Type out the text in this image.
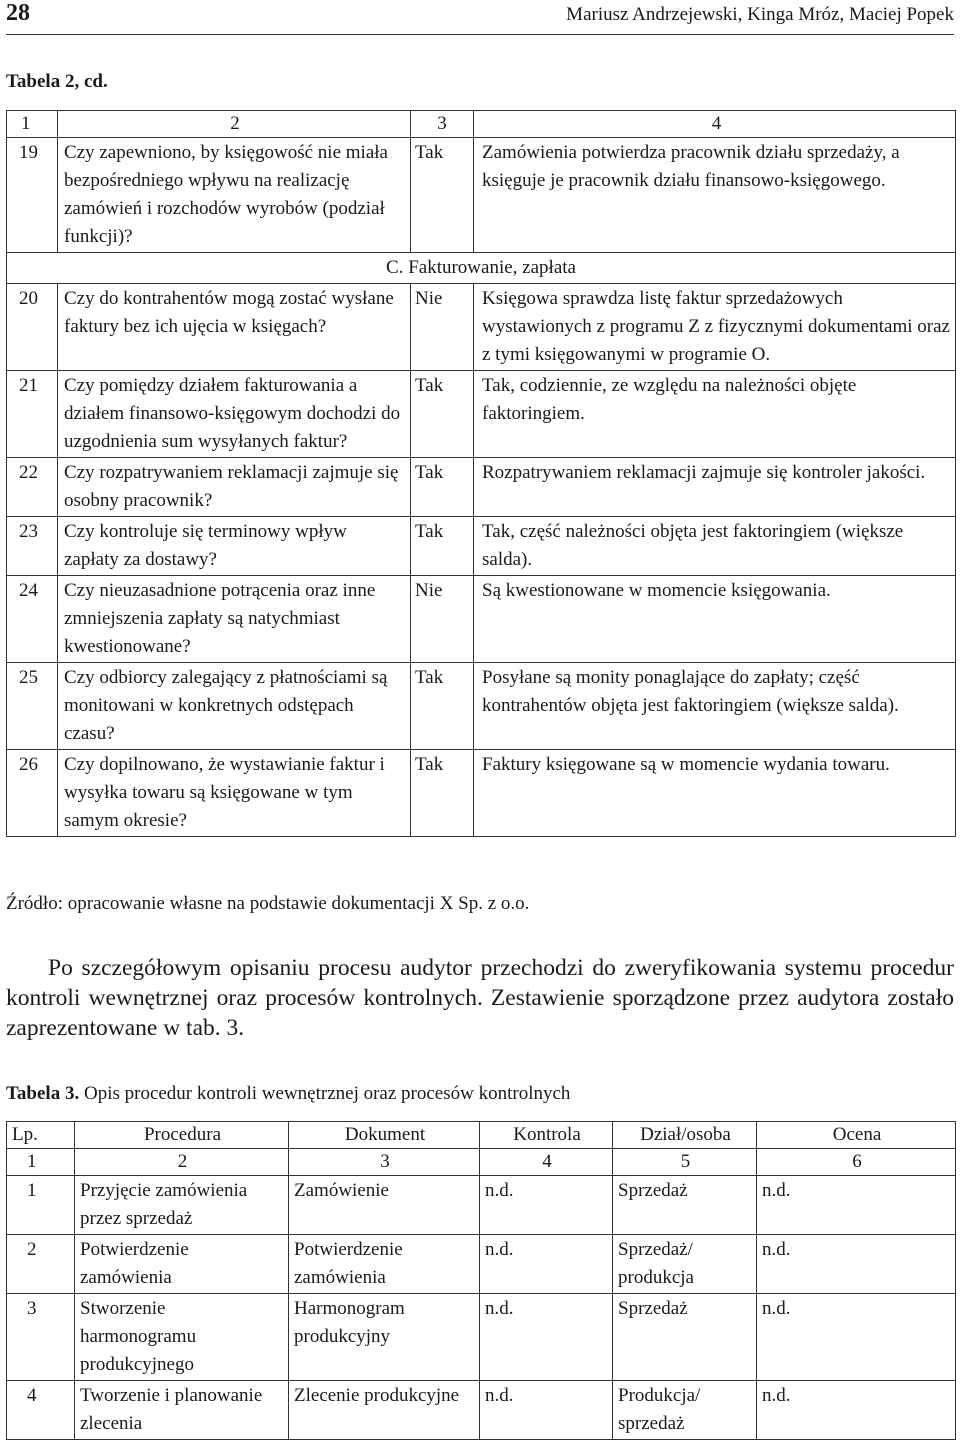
28	Mariusz Andrzejewski, Kinga Mróz, Maciej Popek
Tabela 2, cd.
1	2	3	4
19	Czy zapewniono, by księgowość nie miała bezpośredniego wpływu na realizację zamówień i rozchodów wyrobów (podział funkcji)?	Tak	Zamówienia potwierdza pracownik działu sprzedaży, a księguje je pracownik działu finansowo-księgowego.
C. Fakturowanie, zapłata			
20	Czy do kontrahentów mogą zostać wysłane faktury bez ich ujęcia w księgach?	Nie	Księgowa sprawdza listę faktur sprzedażowych wystawionych z programu Z z fizycznymi dokumentami oraz z tymi księgowanymi w programie O.
21	Czy pomiędzy działem fakturowania a działem finansowo-księgowym dochodzi do uzgodnienia sum wysyłanych faktur?	Tak	Tak, codziennie, ze względu na należności objęte faktoringiem.
22	Czy rozpatrywaniem reklamacji zajmuje się osobny pracownik?	Tak	Rozpatrywaniem reklamacji zajmuje się kontroler jakości.
23	Czy kontroluje się terminowy wpływ zapłaty za dostawy?	Tak	Tak, część należności objęta jest faktoringiem (większe salda).
24	Czy nieuzasadnione potrącenia oraz inne zmniejszenia zapłaty są natychmiast kwestionowane?	Nie	Są kwestionowane w momencie księgowania.
25	Czy odbiorcy zalegający z płatnościami są monitowani w konkretnych odstępach czasu?	Tak	Posyłane są monity ponaglające do zapłaty; część kontrahentów objęta jest faktoringiem (większe salda).
26	Czy dopilnowano, że wystawianie faktur i wysyłka towaru są księgowane w tym samym okresie?	Tak	Faktury księgowane są w momencie wydania towaru.
Źródło: opracowanie własne na podstawie dokumentacji X Sp. z o.o.

Po szczegółowym opisaniu procesu audytor przechodzi do zweryfikowania systemu procedur kontroli wewnętrznej oraz procesów kontrolnych. Zestawienie sporządzone przez audytora zostało zaprezentowane w tab. 3.

Tabela 3. Opis procedur kontroli wewnętrznej oraz procesów kontrolnych
Lp.	Procedura	Dokument	Kontrola	Dział/osoba	Ocena
1	2	3	4	5	6
1	Przyjęcie zamówienia przez sprzedaż	Zamówienie	n.d.	Sprzedaż	n.d.
2	Potwierdzenie zamówienia	Potwierdzenie zamówienia	n.d.	Sprzedaż/ produkcja	n.d.
3	Stworzenie harmonogramu produkcyjnego	Harmonogram produkcyjny	n.d.	Sprzedaż	n.d.
4	Tworzenie i planowanie zlecenia	Zlecenie produkcyjne	n.d.	Produkcja/ sprzedaż	n.d.
